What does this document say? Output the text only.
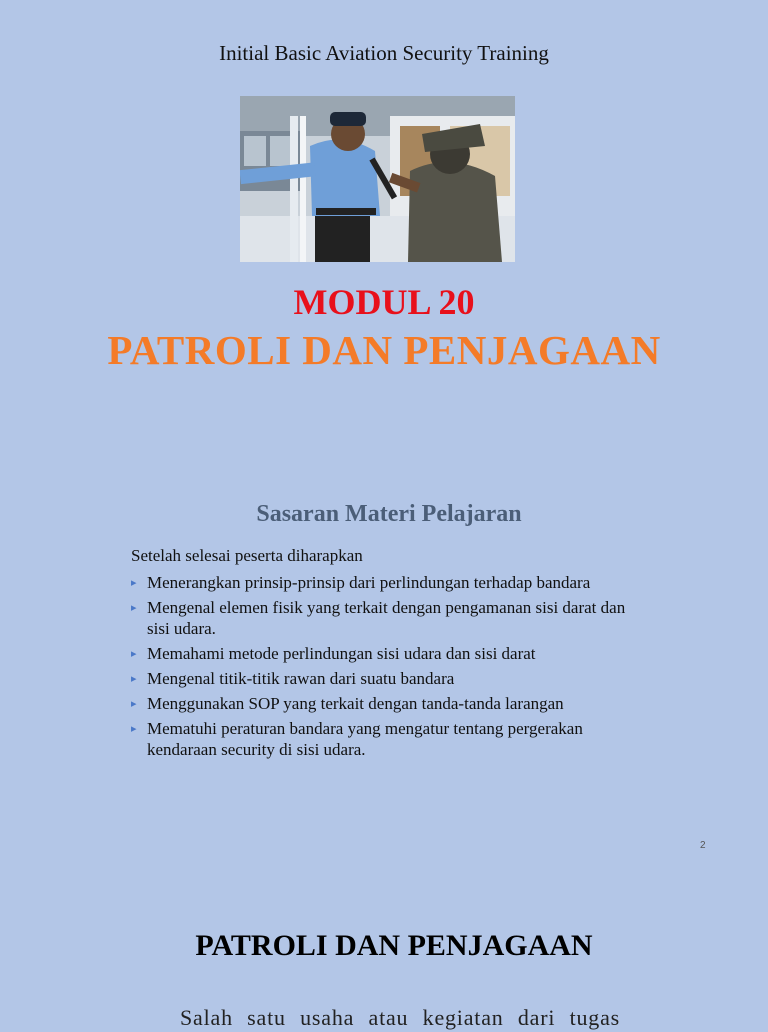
Initial Basic Aviation Security Training
MODUL 20
PATROLI DAN PENJAGAAN
Sasaran Materi Pelajaran
Setelah selesai peserta diharapkan
▸ Menerangkan prinsip-prinsip dari perlindungan terhadap bandara
▸ Mengenal elemen fisik yang terkait dengan pengamanan sisi darat dan sisi udara.
▸ Memahami metode perlindungan sisi udara dan sisi darat
▸ Mengenal titik-titik rawan dari suatu bandara
▸ Menggunakan SOP yang terkait dengan tanda-tanda larangan
▸ Mematuhi peraturan bandara yang mengatur tentang pergerakan kendaraan security di sisi udara.
2
PATROLI DAN PENJAGAAN
Salah satu usaha atau kegiatan dari tugas
